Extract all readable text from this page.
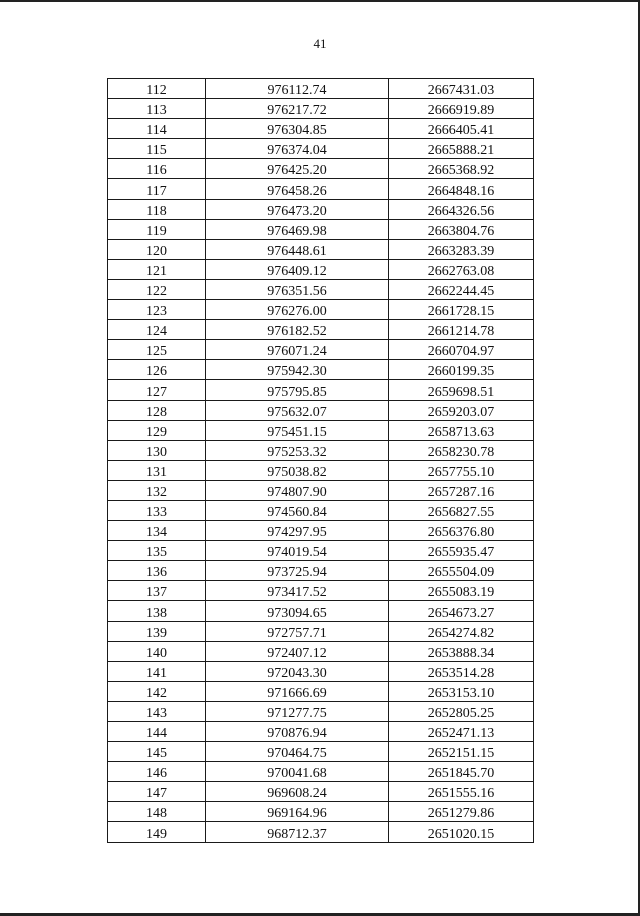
41
112	976112.74	2667431.03
113	976217.72	2666919.89
114	976304.85	2666405.41
115	976374.04	2665888.21
116	976425.20	2665368.92
117	976458.26	2664848.16
118	976473.20	2664326.56
119	976469.98	2663804.76
120	976448.61	2663283.39
121	976409.12	2662763.08
122	976351.56	2662244.45
123	976276.00	2661728.15
124	976182.52	2661214.78
125	976071.24	2660704.97
126	975942.30	2660199.35
127	975795.85	2659698.51
128	975632.07	2659203.07
129	975451.15	2658713.63
130	975253.32	2658230.78
131	975038.82	2657755.10
132	974807.90	2657287.16
133	974560.84	2656827.55
134	974297.95	2656376.80
135	974019.54	2655935.47
136	973725.94	2655504.09
137	973417.52	2655083.19
138	973094.65	2654673.27
139	972757.71	2654274.82
140	972407.12	2653888.34
141	972043.30	2653514.28
142	971666.69	2653153.10
143	971277.75	2652805.25
144	970876.94	2652471.13
145	970464.75	2652151.15
146	970041.68	2651845.70
147	969608.24	2651555.16
148	969164.96	2651279.86
149	968712.37	2651020.15
